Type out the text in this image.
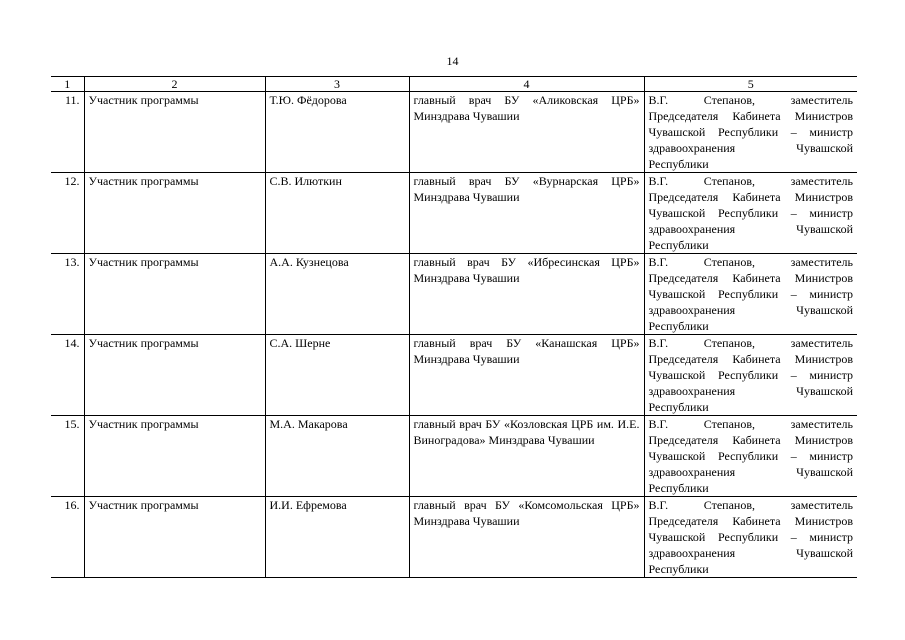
14
1	2	3	4	5
11.	Участник программы	Т.Ю. Фёдорова	главный врач БУ «Аликовская ЦРБ» Минздрава Чувашии	В.Г. Степанов, заместитель Председателя Кабинета Министров Чувашской Республики – министр здравоохранения Чувашской Республики
12.	Участник программы	С.В. Илюткин	главный врач БУ «Вурнарская ЦРБ» Минздрава Чувашии	В.Г. Степанов, заместитель Председателя Кабинета Министров Чувашской Республики – министр здравоохранения Чувашской Республики
13.	Участник программы	А.А. Кузнецова	главный врач БУ «Ибресинская ЦРБ» Минздрава Чувашии	В.Г. Степанов, заместитель Председателя Кабинета Министров Чувашской Республики – министр здравоохранения Чувашской Республики
14.	Участник программы	С.А. Шерне	главный врач БУ «Канашская ЦРБ» Минздрава Чувашии	В.Г. Степанов, заместитель Председателя Кабинета Министров Чувашской Республики – министр здравоохранения Чувашской Республики
15.	Участник программы	М.А. Макарова	главный врач БУ «Козловская ЦРБ им. И.Е. Виноградова» Минздрава Чувашии	В.Г. Степанов, заместитель Председателя Кабинета Министров Чувашской Республики – министр здравоохранения Чувашской Республики
16.	Участник программы	И.И. Ефремова	главный врач БУ «Комсомольская ЦРБ» Минздрава Чувашии	В.Г. Степанов, заместитель Председателя Кабинета Министров Чувашской Республики – министр здравоохранения Чувашской Республики
